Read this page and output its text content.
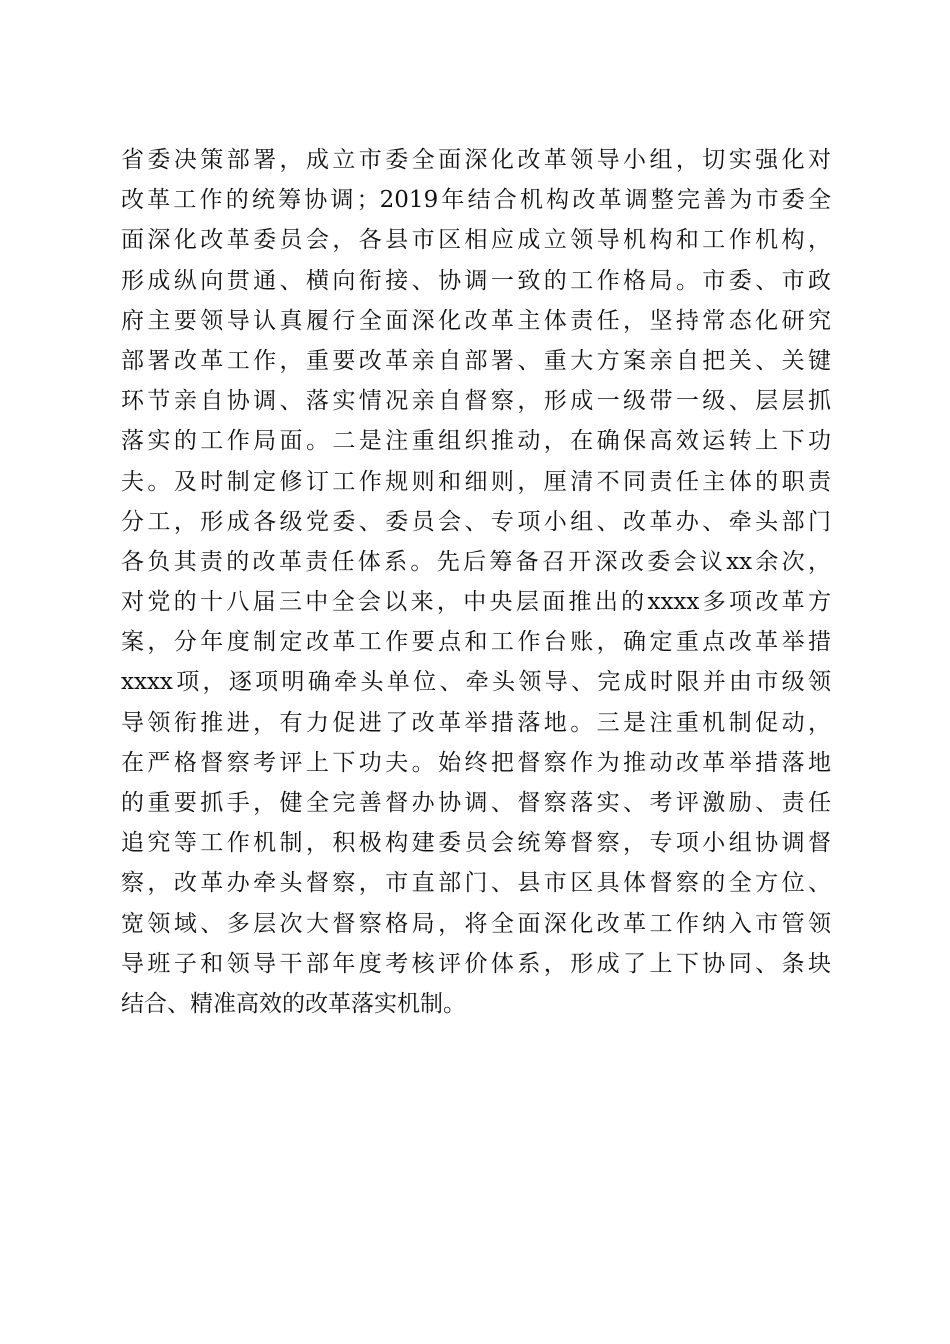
省委决策部署，成立市委全面深化改革领导小组，切实强化对
改革工作的统筹协调；2019年结合机构改革调整完善为市委全
面深化改革委员会，各县市区相应成立领导机构和工作机构，
形成纵向贯通、横向衔接、协调一致的工作格局。市委、市政
府主要领导认真履行全面深化改革主体责任，坚持常态化研究
部署改革工作，重要改革亲自部署、重大方案亲自把关、关键
环节亲自协调、落实情况亲自督察，形成一级带一级、层层抓
落实的工作局面。二是注重组织推动，在确保高效运转上下功
夫。及时制定修订工作规则和细则，厘清不同责任主体的职责
分工，形成各级党委、委员会、专项小组、改革办、牵头部门
各负其责的改革责任体系。先后筹备召开深改委会议xx余次，
对党的十八届三中全会以来，中央层面推出的xxxx多项改革方
案，分年度制定改革工作要点和工作台账，确定重点改革举措
xxxx项，逐项明确牵头单位、牵头领导、完成时限并由市级领
导领衔推进，有力促进了改革举措落地。三是注重机制促动，
在严格督察考评上下功夫。始终把督察作为推动改革举措落地
的重要抓手，健全完善督办协调、督察落实、考评激励、责任
追究等工作机制，积极构建委员会统筹督察，专项小组协调督
察，改革办牵头督察，市直部门、县市区具体督察的全方位、
宽领域、多层次大督察格局，将全面深化改革工作纳入市管领
导班子和领导干部年度考核评价体系，形成了上下协同、条块
结合、精准高效的改革落实机制。
